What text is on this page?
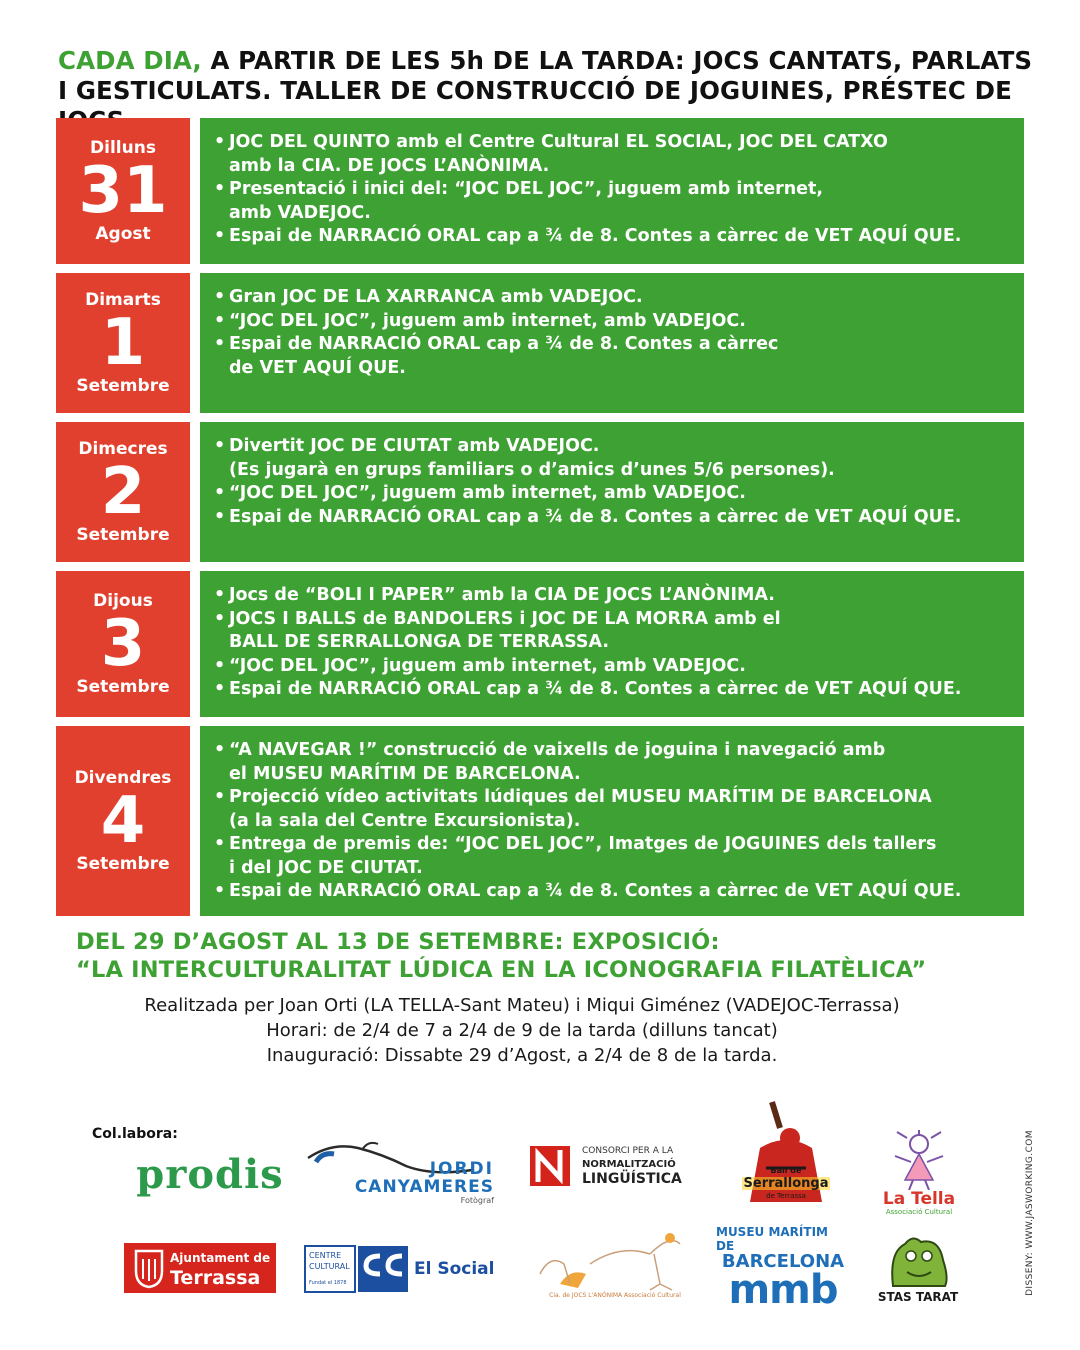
CADA DIA, A PARTIR DE LES 5h DE LA TARDA: JOCS CANTATS, PARLATS I GESTICULATS. TALLER DE CONSTRUCCIÓ DE JOGUINES, PRÉSTEC DE
Dilluns
31
Agost
• JOC DEL QUINTO amb el Centre Cultural EL SOCIAL, JOC DEL CATXO
amb la CIA. DE JOCS L’ANÒNIMA.
• Presentació i inici del: “JOC DEL JOC”, juguem amb internet,
amb VADEJOC.
• Espai de NARRACIÓ ORAL cap a ¾ de 8. Contes a càrrec de VET AQUÍ QUE.
Dimarts
1
Setembre
• Gran JOC DE LA XARRANCA amb VADEJOC.
• “JOC DEL JOC”, juguem amb internet, amb VADEJOC.
• Espai de NARRACIÓ ORAL cap a ¾ de 8. Contes a càrrec
de VET AQUÍ QUE.
Dimecres
2
Setembre
• Divertit JOC DE CIUTAT amb VADEJOC.
(Es jugarà en grups familiars o d’amics d’unes 5/6 persones).
• “JOC DEL JOC”, juguem amb internet, amb VADEJOC.
• Espai de NARRACIÓ ORAL cap a ¾ de 8. Contes a càrrec de VET AQUÍ QUE.
Dijous
3
Setembre
• Jocs de “BOLI I PAPER” amb la CIA DE JOCS L’ANÒNIMA.
• JOCS I BALLS de BANDOLERS i JOC DE LA MORRA amb el
BALL DE SERRALLONGA DE TERRASSA.
• “JOC DEL JOC”, juguem amb internet, amb VADEJOC.
• Espai de NARRACIÓ ORAL cap a ¾ de 8. Contes a càrrec de VET AQUÍ QUE.
Divendres
4
Setembre
• “A NAVEGAR !” construcció de vaixells de joguina i navegació amb
el MUSEU MARÍTIM DE BARCELONA.
• Projecció vídeo activitats lúdiques del MUSEU MARÍTIM DE BARCELONA
(a la sala del Centre Excursionista).
• Entrega de premis de: “JOC DEL JOC”, Imatges de JOGUINES dels tallers
i del JOC DE CIUTAT.
• Espai de NARRACIÓ ORAL cap a ¾ de 8. Contes a càrrec de VET AQUÍ QUE.
DEL 29 D’AGOST AL 13 DE SETEMBRE: EXPOSICIÓ:
“LA INTERCULTURALITAT LÚDICA EN LA ICONOGRAFIA FILATÈLICA”
Realitzada per Joan Orti (LA TELLA-Sant Mateu) i Miqui Giménez (VADEJOC-Terrassa)
Horari: de 2/4 de 7 a 2/4 de 9 de la tarda (dilluns tancat)
Inauguració: Dissabte 29 d’Agost, a 2/4 de 8 de la tarda.
Col.labora:
prodis	JORDI
CANYAMERES
Fotògraf
CONSORCI PER A LA
NORMALITZACIÓ
LINGÜÍSTICA
Ball de
Serrallonga
de Terrassa	La Tella
Associació Cultural
Ajuntament de
Terrassa
CENTRE
CULTURAL
Fundat el 1878
El Social
Cia. de JOCS L'ANÒNIMA Associació Cultural
MUSEU MARÍTIM DE
BARCELONA
mmb	STAS TARAT
DISSENY: WWW.JASWORKING.COM
